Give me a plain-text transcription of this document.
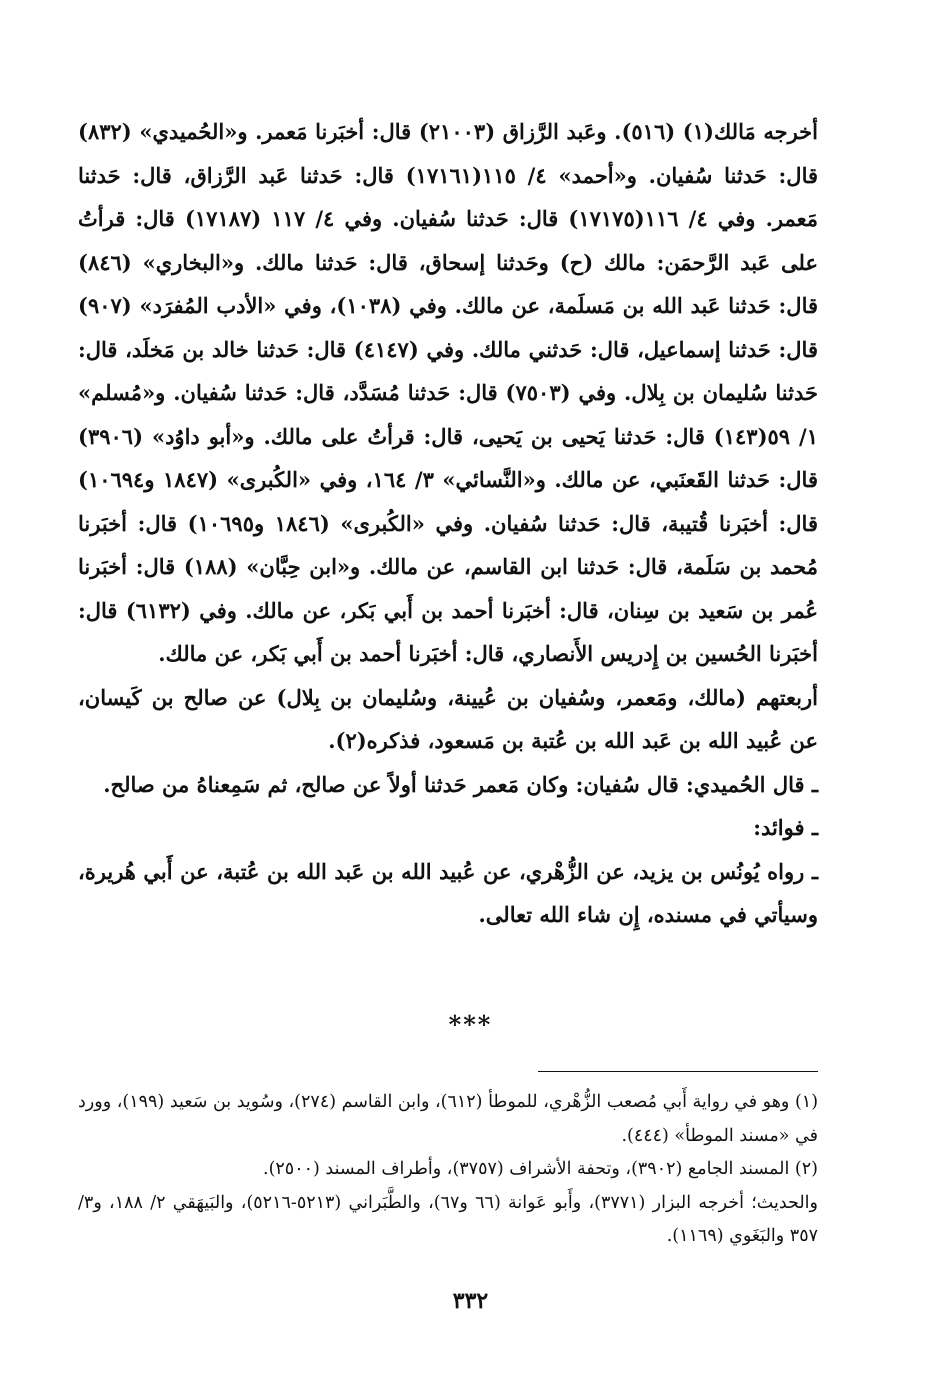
أخرجه مَالك(١) (٥١٦). وعَبد الرَّزاق (٢١٠٠٣) قال: أخبَرنا مَعمر. و«الحُميدي» (٨٣٢) قال: حَدثنا سُفيان. و«أحمد» ٤/ ١١٥(١٧١٦١) قال: حَدثنا عَبد الرَّزاق، قال: حَدثنا مَعمر. وفي ٤/ ١١٦(١٧١٧٥) قال: حَدثنا سُفيان. وفي ٤/ ١١٧ (١٧١٨٧) قال: قرأتُ على عَبد الرَّحمَن: مالك (ح) وحَدثنا إسحاق، قال: حَدثنا مالك. و«البخاري» (٨٤٦) قال: حَدثنا عَبد الله بن مَسلَمة، عن مالك. وفي (١٠٣٨)، وفي «الأدب المُفرَد» (٩٠٧) قال: حَدثنا إسماعيل، قال: حَدثني مالك. وفي (٤١٤٧) قال: حَدثنا خالد بن مَخلَد، قال: حَدثنا سُليمان بن بِلال. وفي (٧٥٠٣) قال: حَدثنا مُسَدَّد، قال: حَدثنا سُفيان. و«مُسلم» ١/ ٥٩(١٤٣) قال: حَدثنا يَحيى بن يَحيى، قال: قرأتُ على مالك. و«أبو داوُد» (٣٩٠٦) قال: حَدثنا القَعنَبي، عن مالك. و«النَّسائي» ٣/ ١٦٤، وفي «الكُبرى» (١٨٤٧ و١٠٦٩٤) قال: أخبَرنا قُتيبة، قال: حَدثنا سُفيان. وفي «الكُبرى» (١٨٤٦ و١٠٦٩٥) قال: أخبَرنا مُحمد بن سَلَمة، قال: حَدثنا ابن القاسم، عن مالك. و«ابن حِبَّان» (١٨٨) قال: أخبَرنا عُمر بن سَعيد بن سِنان، قال: أخبَرنا أحمد بن أَبي بَكر، عن مالك. وفي (٦١٣٢) قال: أخبَرنا الحُسين بن إِدريس الأَنصاري، قال: أخبَرنا أحمد بن أَبي بَكر، عن مالك.

أربعتهم (مالك، ومَعمر، وسُفيان بن عُيينة، وسُليمان بن بِلال) عن صالح بن كَيسان، عن عُبيد الله بن عَبد الله بن عُتبة بن مَسعود، فذكره(٢).

ـ قال الحُميدي: قال سُفيان: وكان مَعمر حَدثنا أولاً عن صالح، ثم سَمِعناهُ من صالح.

ـ فوائد:

ـ رواه يُونُس بن يزيد، عن الزُّهْري، عن عُبيد الله بن عَبد الله بن عُتبة، عن أَبي هُريرة، وسيأتي في مسنده، إِن شاء الله تعالى.

***

(١) وهو في رواية أَبي مُصعب الزُّهْري، للموطأ (٦١٢)، وابن القاسم (٢٧٤)، وسُويد بن سَعيد (١٩٩)، وورد في «مسند الموطأ» (٤٤٤).

(٢) المسند الجامع (٣٩٠٢)، وتحفة الأشراف (٣٧٥٧)، وأطراف المسند (٢٥٠٠).

والحديث؛ أخرجه البزار (٣٧٧١)، وأَبو عَوانة (٦٦ و٦٧)، والطَّبَراني (٥٢١٣-٥٢١٦)، والبَيهَقي ٢/ ١٨٨، و٣/ ٣٥٧ والبَغَوي (١١٦٩).

٣٣٢
